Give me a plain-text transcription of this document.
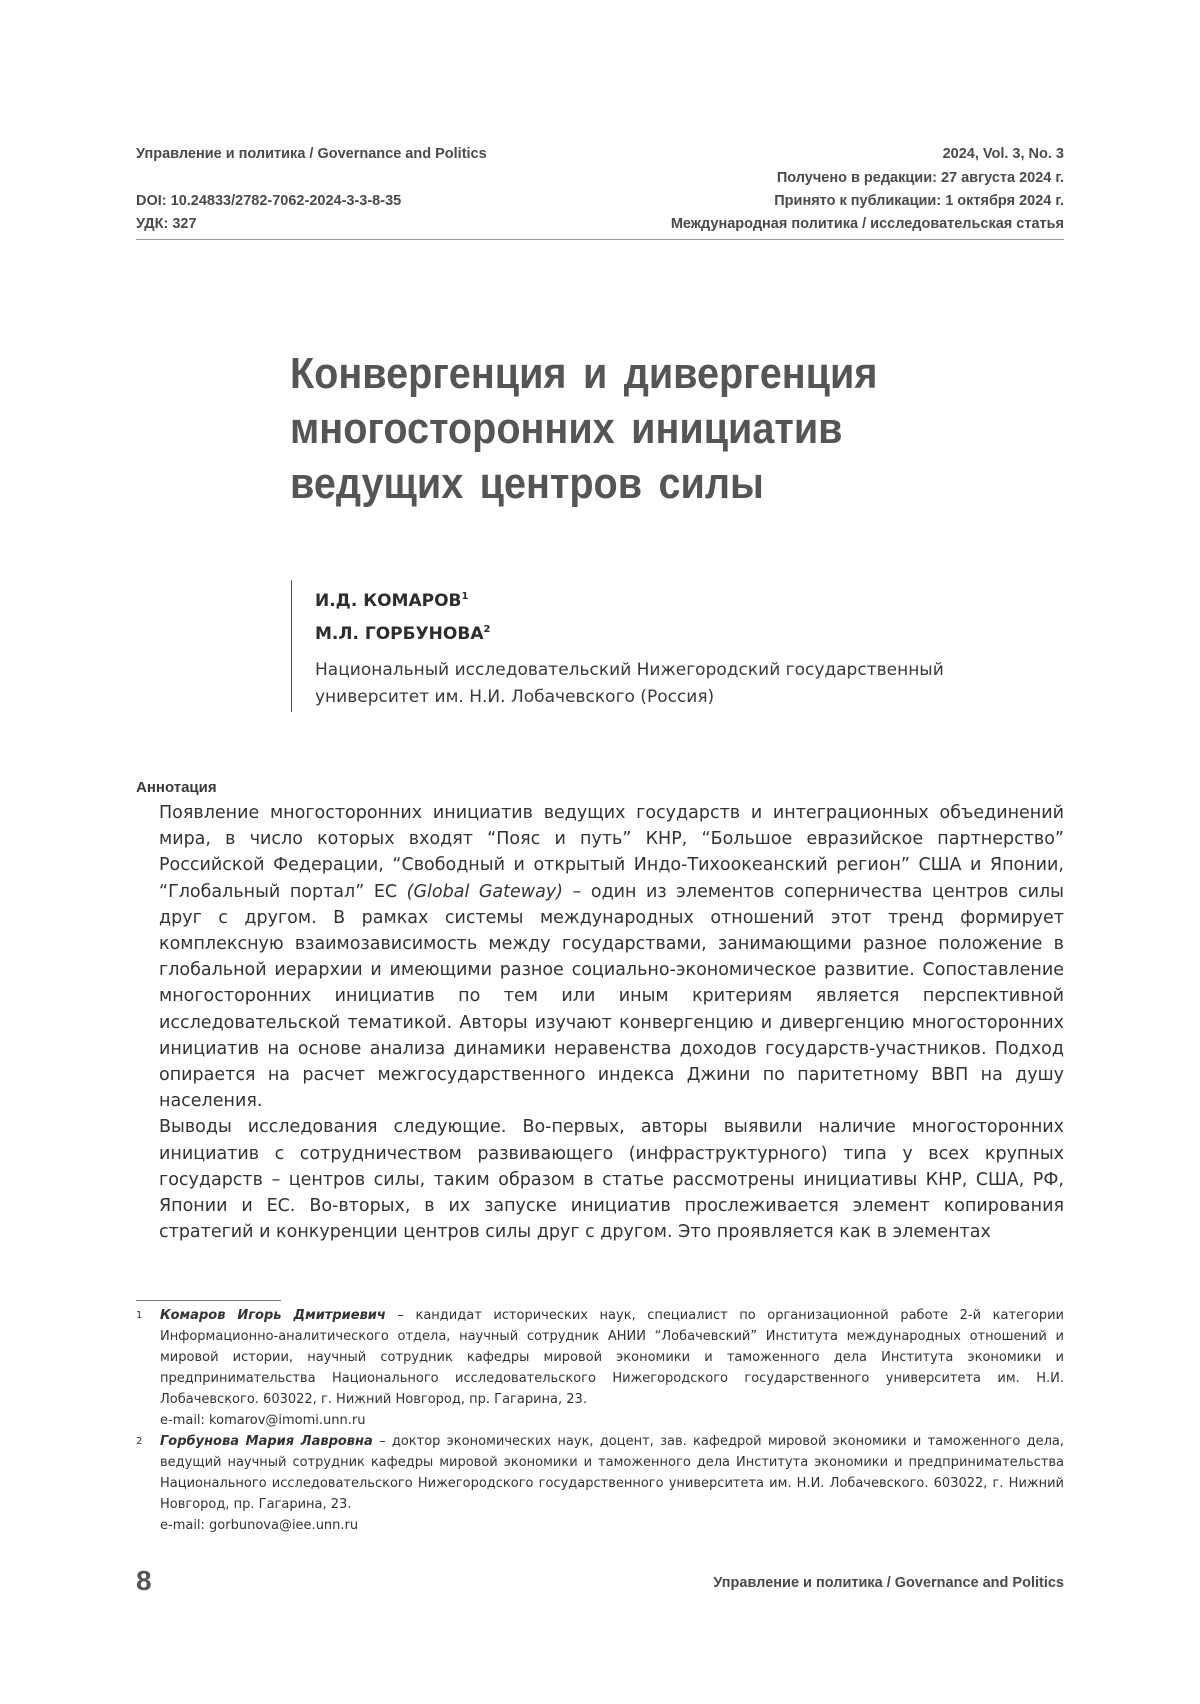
Управление и политика / Governance and Politics	2024, Vol. 3, No. 3
Получено в редакции: 27 августа 2024 г.
DOI: 10.24833/2782-7062-2024-3-3-8-35	Принято к публикации: 1 октября 2024 г.
УДК: 327	Международная политика / исследовательская статья
Конвергенция и дивергенция
многосторонних инициатив
ведущих центров силы
И.Д. КОМАРОВ1
М.Л. ГОРБУНОВА2
Национальный исследовательский Нижегородский государственный
университет им. Н.И. Лобачевского (Россия)
Аннотация

Появление многосторонних инициатив ведущих государств и интеграционных объединений мира, в число которых входят “Пояс и путь” КНР, “Большое евразийское партнерство” Российской Федерации, “Свободный и открытый Индо-Тихоокеанский регион” США и Японии, “Глобальный портал” ЕС (Global Gateway) – один из элементов соперничества центров силы друг с другом. В рамках системы международных отношений этот тренд формирует комплексную взаимозависимость между государствами, занимающими разное положение в глобальной иерархии и имеющими разное социально-экономическое развитие. Сопоставление многосторонних инициатив по тем или иным критериям является перспективной исследовательской тематикой. Авторы изучают конвергенцию и дивергенцию многосторонних инициатив на основе анализа динамики неравенства доходов государств-участников. Подход опирается на расчет межгосударственного индекса Джини по паритетному ВВП на душу населения.

Выводы исследования следующие. Во-первых, авторы выявили наличие многосторонних инициатив с сотрудничеством развивающего (инфраструктурного) типа у всех крупных государств – центров силы, таким образом в статье рассмотрены инициативы КНР, США, РФ, Японии и ЕС. Во-вторых, в их запуске инициатив прослеживается элемент копирования стратегий и конкуренции центров силы друг с другом. Это проявляется как в элементах

1 Комаров Игорь Дмитриевич – кандидат исторических наук, специалист по организационной работе 2-й категории Информационно-аналитического отдела, научный сотрудник АНИИ “Лобачевский” Института международных отношений и мировой истории, научный сотрудник кафедры мировой экономики и таможенного дела Института экономики и предпринимательства Национального исследовательского Нижегородского государственного университета им. Н.И. Лобачевского. 603022, г. Нижний Новгород, пр. Гагарина, 23.
e-mail: komarov@imomi.unn.ru
2 Горбунова Мария Лавровна – доктор экономических наук, доцент, зав. кафедрой мировой экономики и таможенного дела, ведущий научный сотрудник кафедры мировой экономики и таможенного дела Института экономики и предпринимательства Национального исследовательского Нижегородского государственного университета им. Н.И. Лобачевского. 603022, г. Нижний Новгород, пр. Гагарина, 23.
e-mail: gorbunova@iee.unn.ru
8	Управление и политика / Governance and Politics
